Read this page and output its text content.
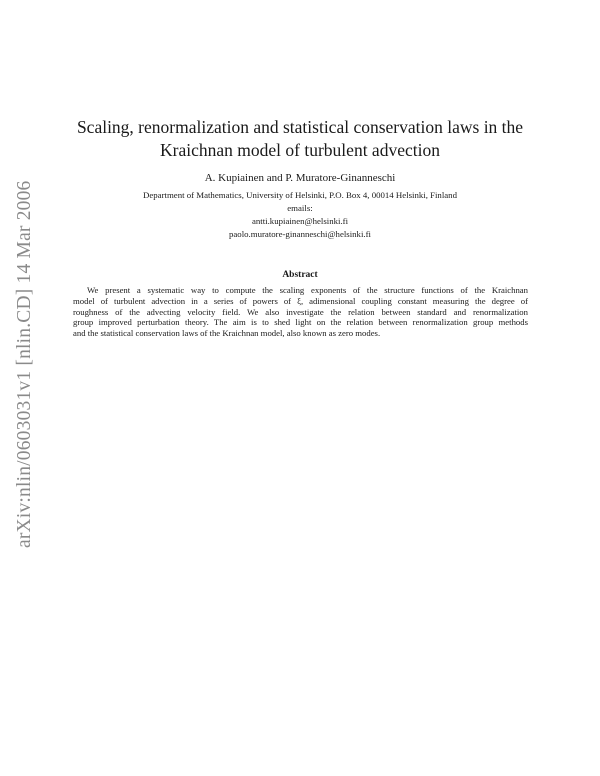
arXiv:nlin/0603031v1 [nlin.CD] 14 Mar 2006
Scaling, renormalization and statistical conservation laws in the
Kraichnan model of turbulent advection
A. Kupiainen and P. Muratore-Ginanneschi
Department of Mathematics, University of Helsinki, P.O. Box 4, 00014 Helsinki, Finland
emails:
antti.kupiainen@helsinki.fi
paolo.muratore-ginanneschi@helsinki.fi
Abstract
We present a systematic way to compute the scaling exponents of the structure functions of the Kraichnan
model of turbulent advection in a series of powers of ξ, adimensional coupling constant measuring the degree of
roughness of the advecting velocity field. We also investigate the relation between standard and renormalization
group improved perturbation theory. The aim is to shed light on the relation between renormalization group methods
and the statistical conservation laws of the Kraichnan model, also known as zero modes.
